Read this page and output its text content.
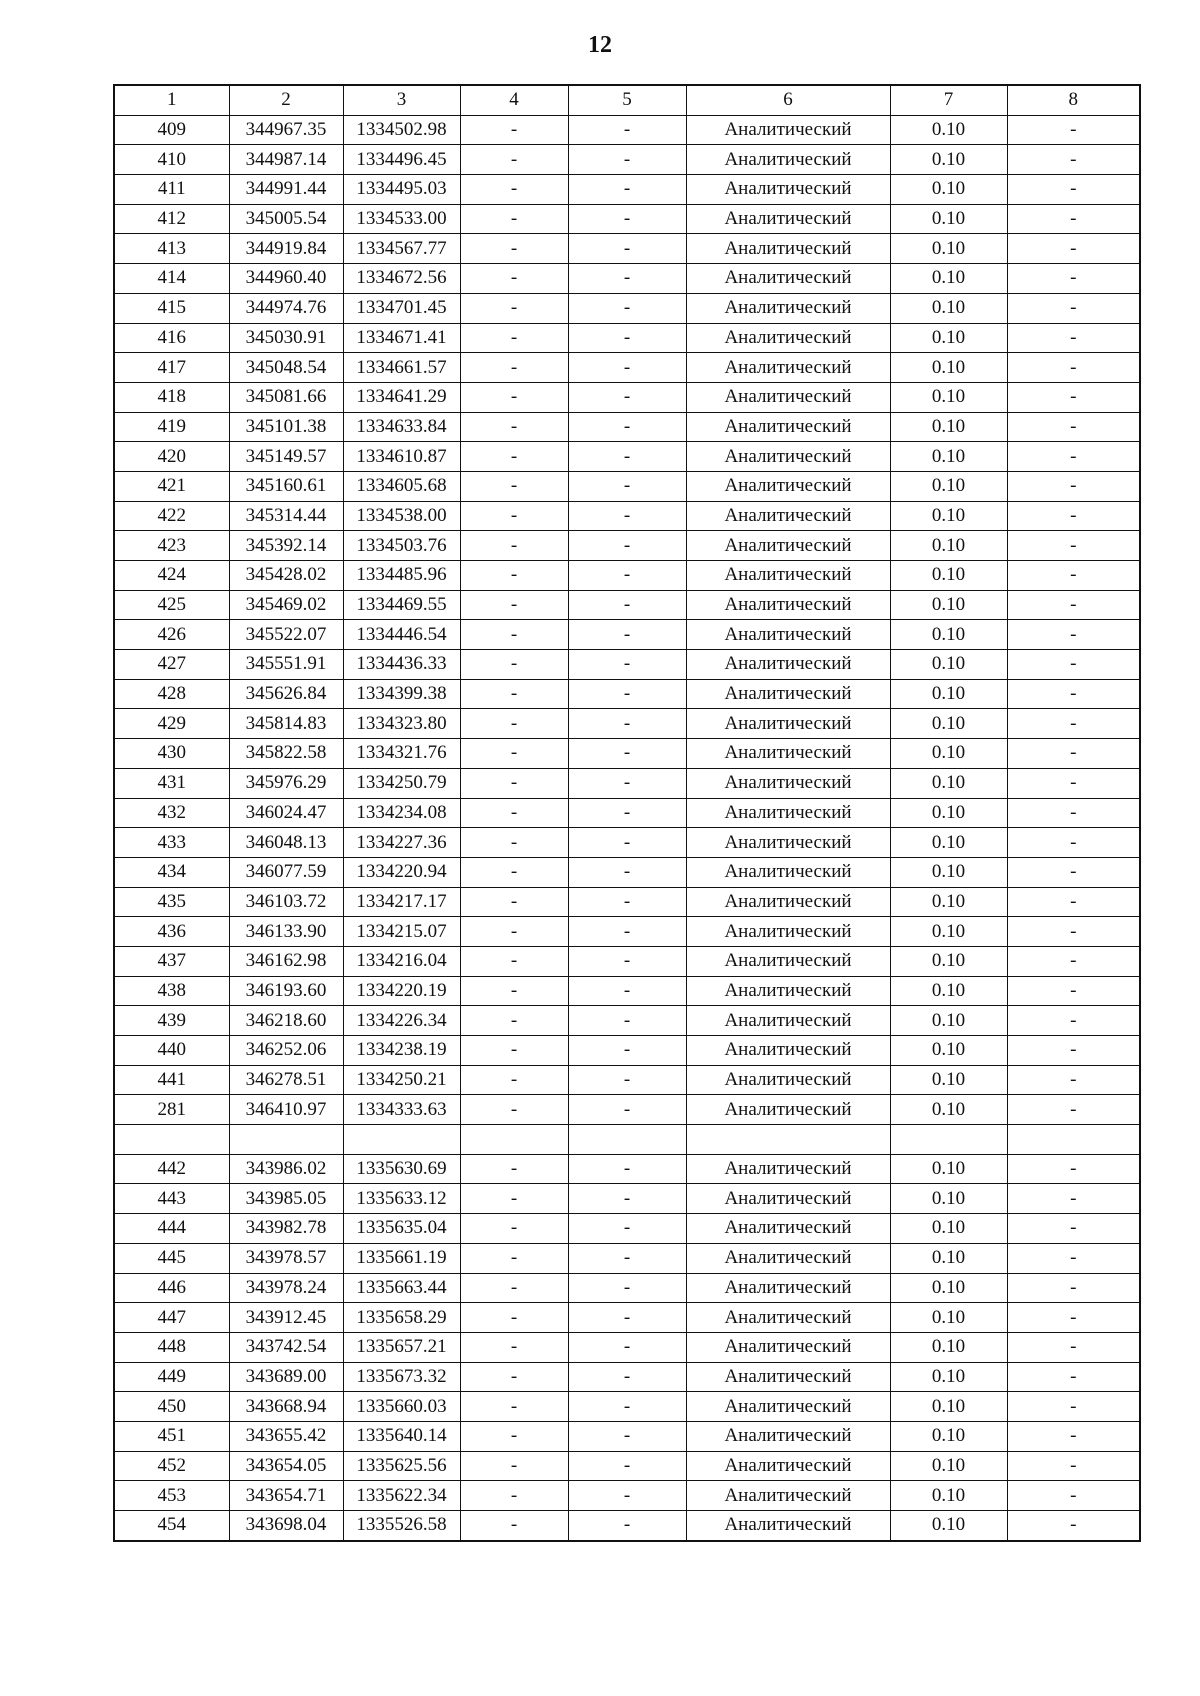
12
1	2	3	4	5	6	7	8
409	344967.35	1334502.98	-	-	Аналитический	0.10	-
410	344987.14	1334496.45	-	-	Аналитический	0.10	-
411	344991.44	1334495.03	-	-	Аналитический	0.10	-
412	345005.54	1334533.00	-	-	Аналитический	0.10	-
413	344919.84	1334567.77	-	-	Аналитический	0.10	-
414	344960.40	1334672.56	-	-	Аналитический	0.10	-
415	344974.76	1334701.45	-	-	Аналитический	0.10	-
416	345030.91	1334671.41	-	-	Аналитический	0.10	-
417	345048.54	1334661.57	-	-	Аналитический	0.10	-
418	345081.66	1334641.29	-	-	Аналитический	0.10	-
419	345101.38	1334633.84	-	-	Аналитический	0.10	-
420	345149.57	1334610.87	-	-	Аналитический	0.10	-
421	345160.61	1334605.68	-	-	Аналитический	0.10	-
422	345314.44	1334538.00	-	-	Аналитический	0.10	-
423	345392.14	1334503.76	-	-	Аналитический	0.10	-
424	345428.02	1334485.96	-	-	Аналитический	0.10	-
425	345469.02	1334469.55	-	-	Аналитический	0.10	-
426	345522.07	1334446.54	-	-	Аналитический	0.10	-
427	345551.91	1334436.33	-	-	Аналитический	0.10	-
428	345626.84	1334399.38	-	-	Аналитический	0.10	-
429	345814.83	1334323.80	-	-	Аналитический	0.10	-
430	345822.58	1334321.76	-	-	Аналитический	0.10	-
431	345976.29	1334250.79	-	-	Аналитический	0.10	-
432	346024.47	1334234.08	-	-	Аналитический	0.10	-
433	346048.13	1334227.36	-	-	Аналитический	0.10	-
434	346077.59	1334220.94	-	-	Аналитический	0.10	-
435	346103.72	1334217.17	-	-	Аналитический	0.10	-
436	346133.90	1334215.07	-	-	Аналитический	0.10	-
437	346162.98	1334216.04	-	-	Аналитический	0.10	-
438	346193.60	1334220.19	-	-	Аналитический	0.10	-
439	346218.60	1334226.34	-	-	Аналитический	0.10	-
440	346252.06	1334238.19	-	-	Аналитический	0.10	-
441	346278.51	1334250.21	-	-	Аналитический	0.10	-
281	346410.97	1334333.63	-	-	Аналитический	0.10	-

442	343986.02	1335630.69	-	-	Аналитический	0.10	-
443	343985.05	1335633.12	-	-	Аналитический	0.10	-
444	343982.78	1335635.04	-	-	Аналитический	0.10	-
445	343978.57	1335661.19	-	-	Аналитический	0.10	-
446	343978.24	1335663.44	-	-	Аналитический	0.10	-
447	343912.45	1335658.29	-	-	Аналитический	0.10	-
448	343742.54	1335657.21	-	-	Аналитический	0.10	-
449	343689.00	1335673.32	-	-	Аналитический	0.10	-
450	343668.94	1335660.03	-	-	Аналитический	0.10	-
451	343655.42	1335640.14	-	-	Аналитический	0.10	-
452	343654.05	1335625.56	-	-	Аналитический	0.10	-
453	343654.71	1335622.34	-	-	Аналитический	0.10	-
454	343698.04	1335526.58	-	-	Аналитический	0.10	-
